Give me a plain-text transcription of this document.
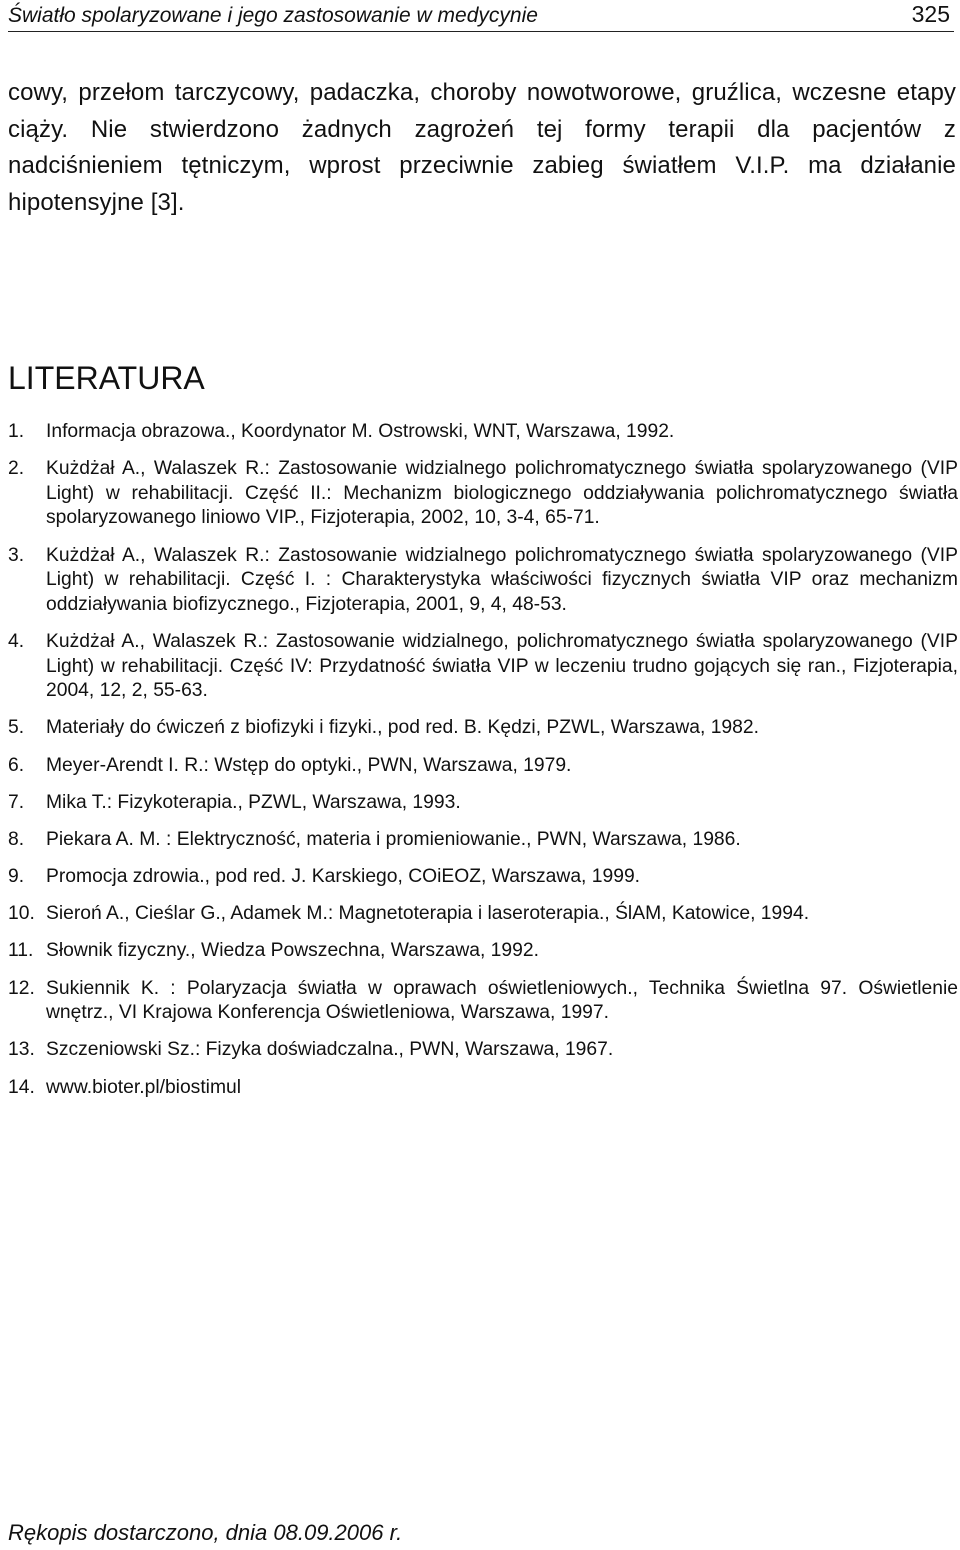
Światło spolaryzowane i jego zastosowanie w medycynie	325

cowy, przełom tarczycowy, padaczka, choroby nowotworowe, gruźlica, wczesne etapy ciąży. Nie stwierdzono żadnych zagrożeń tej formy terapii dla pacjentów z nadciśnieniem tętniczym, wprost przeciwnie zabieg światłem V.I.P. ma działanie hipotensyjne [3].

LITERATURA
1. Informacja obrazowa., Koordynator M. Ostrowski, WNT, Warszawa, 1992.
2. Kużdżał A., Walaszek R.: Zastosowanie widzialnego polichromatycznego światła spolaryzowanego (VIP Light) w rehabilitacji. Część II.: Mechanizm biologicznego oddziaływania polichromatycznego światła spolaryzowanego liniowo VIP., Fizjoterapia, 2002, 10, 3-4, 65-71.
3. Kużdżał A., Walaszek R.: Zastosowanie widzialnego polichromatycznego światła spolaryzowanego (VIP Light) w rehabilitacji. Część I. : Charakterystyka właściwości fizycznych światła VIP oraz mechanizm oddziaływania biofizycznego., Fizjoterapia, 2001, 9, 4, 48-53.
4. Kużdżał A., Walaszek R.: Zastosowanie widzialnego, polichromatycznego światła spolaryzowanego (VIP Light) w rehabilitacji. Część IV: Przydatność światła VIP w leczeniu trudno gojących się ran., Fizjoterapia, 2004, 12, 2, 55-63.
5. Materiały do ćwiczeń z biofizyki i fizyki., pod red. B. Kędzi, PZWL, Warszawa, 1982.
6. Meyer-Arendt I. R.: Wstęp do optyki., PWN, Warszawa, 1979.
7. Mika T.: Fizykoterapia., PZWL, Warszawa, 1993.
8. Piekara A. M. : Elektryczność, materia i promieniowanie., PWN, Warszawa, 1986.
9. Promocja zdrowia., pod red. J. Karskiego, COiEOZ, Warszawa, 1999.
10. Sieroń A., Cieślar G., Adamek M.: Magnetoterapia i laseroterapia., ŚlAM, Katowice, 1994.
11. Słownik fizyczny., Wiedza Powszechna, Warszawa, 1992.
12. Sukiennik K. : Polaryzacja światła w oprawach oświetleniowych., Technika Świetlna 97. Oświetlenie wnętrz., VI Krajowa Konferencja Oświetleniowa, Warszawa, 1997.
13. Szczeniowski Sz.: Fizyka doświadczalna., PWN, Warszawa, 1967.
14. www.bioter.pl/biostimul
Rękopis dostarczono, dnia 08.09.2006 r.
